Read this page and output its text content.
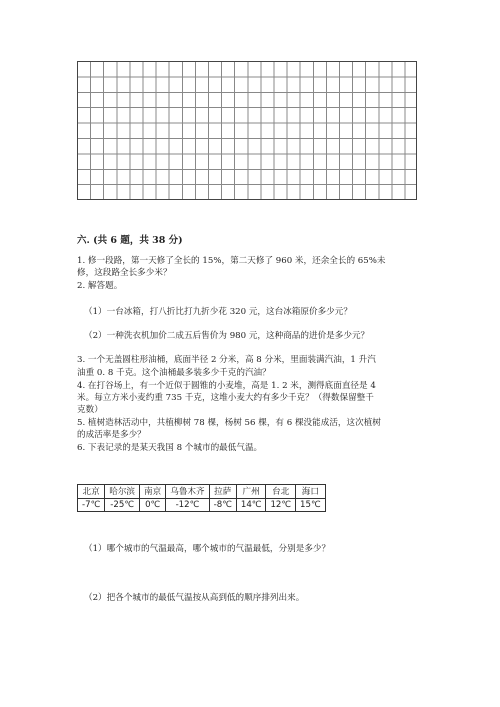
六. (共 6 题，共 38 分)
1. 修一段路，第一天修了全长的 15%，第二天修了 960 米，还余全长的 65%未
修，这段路全长多少米？
2. 解答题。
（1）一台冰箱，打八折比打九折少花 320 元，这台冰箱原价多少元？
（2）一种洗衣机加价二成五后售价为 980 元，这种商品的进价是多少元？
3. 一个无盖圆柱形油桶，底面半径 2 分米，高 8 分米，里面装满汽油，1 升汽
油重 0. 8 千克。这个油桶最多装多少千克的汽油？
4. 在打谷场上，有一个近似于圆锥的小麦堆，高是 1. 2 米，测得底面直径是 4
米。每立方米小麦约重 735 千克，这堆小麦大约有多少千克？（得数保留整千
克数）
5. 植树造林活动中，共植柳树 78 棵，杨树 56 棵，有 6 棵没能成活，这次植树
的成活率是多少？
6. 下表记录的是某天我国 8 个城市的最低气温。
北京	哈尔滨	南京	乌鲁木齐	拉萨	广州	台北	海口
-7℃	-25℃	0℃	-12℃	-8℃	14℃	12℃	15℃
（1）哪个城市的气温最高，哪个城市的气温最低，分别是多少？
（2）把各个城市的最低气温按从高到低的顺序排列出来。
